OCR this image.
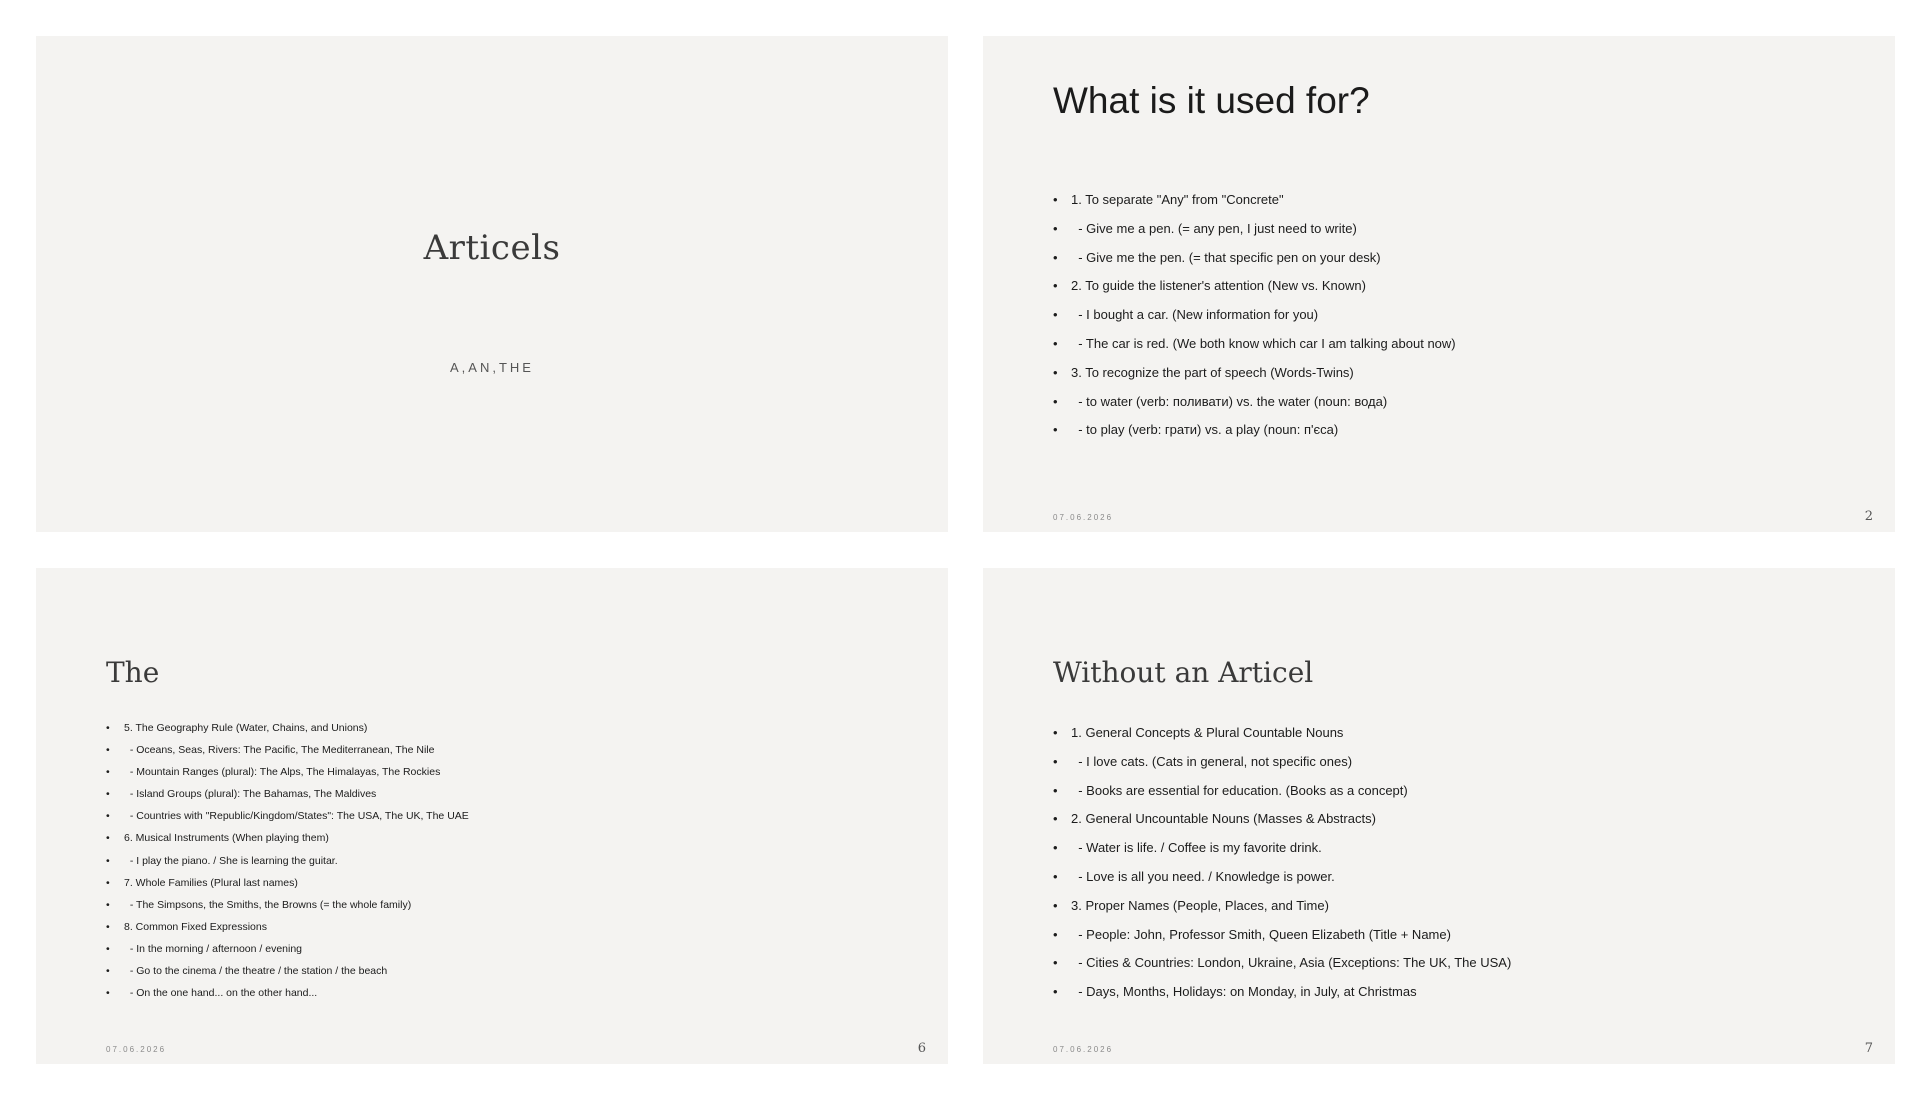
Articels
A,AN,THE
What is it used for?
• 1. To separate "Any" from "Concrete"
• - Give me a pen. (= any pen, I just need to write)
• - Give me the pen. (= that specific pen on your desk)
• 2. To guide the listener's attention (New vs. Known)
• - I bought a car. (New information for you)
• - The car is red. (We both know which car I am talking about now)
• 3. To recognize the part of speech (Words-Twins)
• - to water (verb: поливати) vs. the water (noun: вода)
• - to play (verb: грати) vs. a play (noun: п'єса)
07.06.2026	2
The
• 5. The Geography Rule (Water, Chains, and Unions)
• - Oceans, Seas, Rivers: The Pacific, The Mediterranean, The Nile
• - Mountain Ranges (plural): The Alps, The Himalayas, The Rockies
• - Island Groups (plural): The Bahamas, The Maldives
• - Countries with "Republic/Kingdom/States": The USA, The UK, The UAE
• 6. Musical Instruments (When playing them)
• - I play the piano. / She is learning the guitar.
• 7. Whole Families (Plural last names)
• - The Simpsons, the Smiths, the Browns (= the whole family)
• 8. Common Fixed Expressions
• - In the morning / afternoon / evening
• - Go to the cinema / the theatre / the station / the beach
• - On the one hand... on the other hand...
07.06.2026	6
Without an Articel
• 1. General Concepts & Plural Countable Nouns
• - I love cats. (Cats in general, not specific ones)
• - Books are essential for education. (Books as a concept)
• 2. General Uncountable Nouns (Masses & Abstracts)
• - Water is life. / Coffee is my favorite drink.
• - Love is all you need. / Knowledge is power.
• 3. Proper Names (People, Places, and Time)
• - People: John, Professor Smith, Queen Elizabeth (Title + Name)
• - Cities & Countries: London, Ukraine, Asia (Exceptions: The UK, The USA)
• - Days, Months, Holidays: on Monday, in July, at Christmas
07.06.2026	7
